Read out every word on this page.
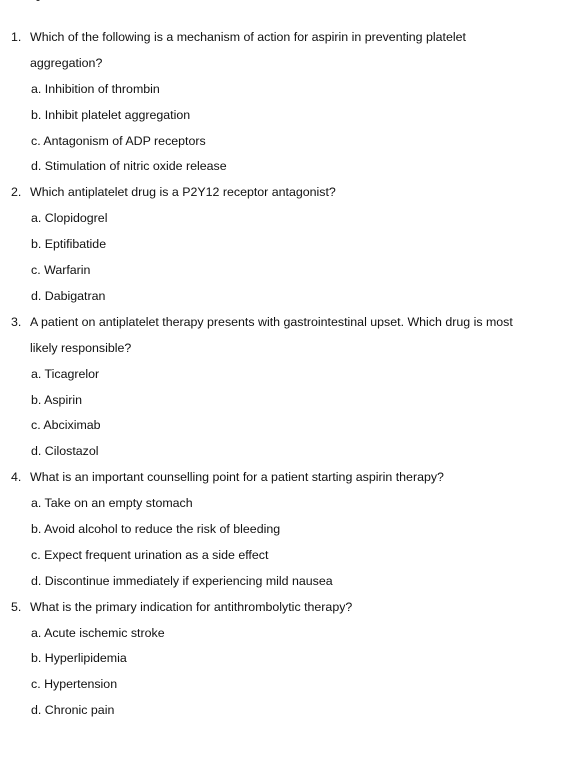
1. Which of the following is a mechanism of action for aspirin in preventing platelet aggregation?
a. Inhibition of thrombin
b. Inhibit platelet aggregation
c. Antagonism of ADP receptors
d. Stimulation of nitric oxide release
2. Which antiplatelet drug is a P2Y12 receptor antagonist?
a. Clopidogrel
b. Eptifibatide
c. Warfarin
d. Dabigatran
3. A patient on antiplatelet therapy presents with gastrointestinal upset. Which drug is most likely responsible?
a. Ticagrelor
b. Aspirin
c. Abciximab
d. Cilostazol
4. What is an important counselling point for a patient starting aspirin therapy?
a. Take on an empty stomach
b. Avoid alcohol to reduce the risk of bleeding
c. Expect frequent urination as a side effect
d. Discontinue immediately if experiencing mild nausea
5. What is the primary indication for antithrombolytic therapy?
a. Acute ischemic stroke
b. Hyperlipidemia
c. Hypertension
d. Chronic pain
